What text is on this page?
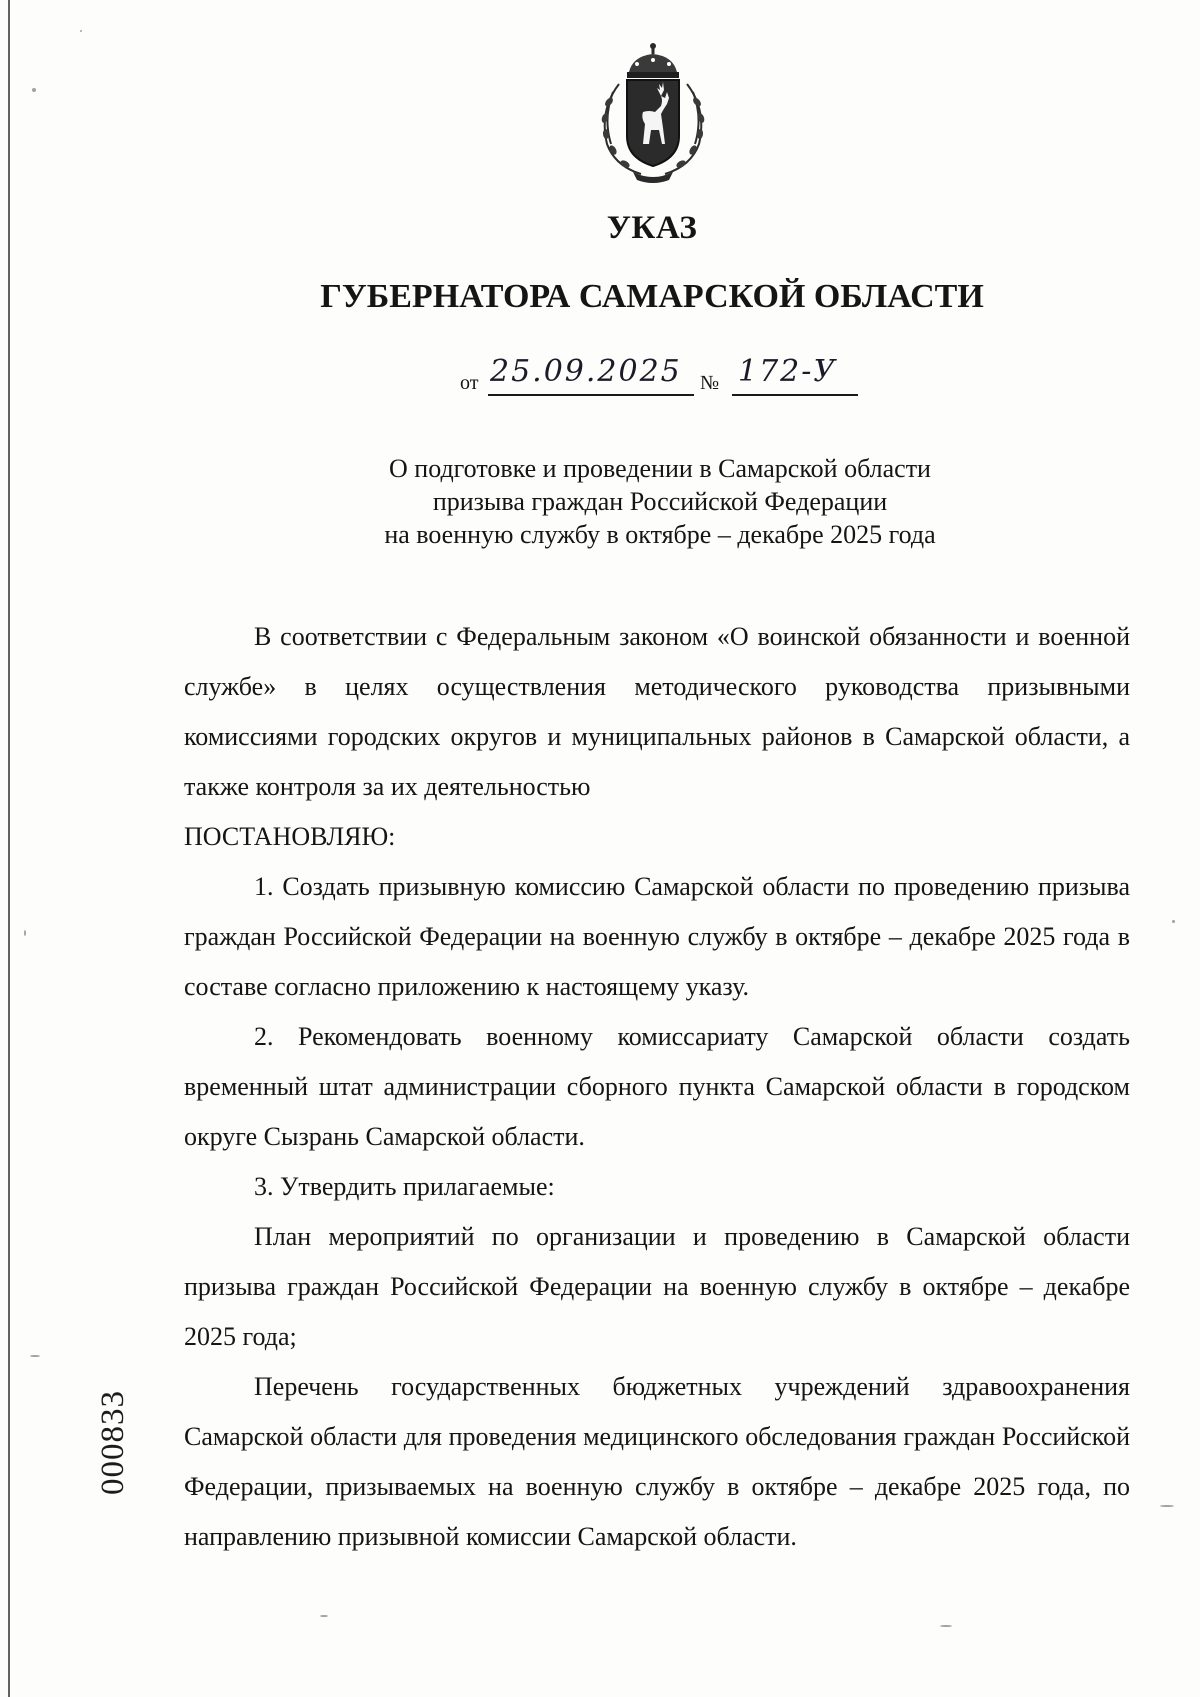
УКАЗ
ГУБЕРНАТОРА САМАРСКОЙ ОБЛАСТИ
от 25.09.2025 № 172-У
О подготовке и проведении в Самарской области
призыва граждан Российской Федерации
на военную службу в октябре – декабре 2025 года

В соответствии с Федеральным законом «О воинской обязанности и военной службе» в целях осуществления методического руководства призывными комиссиями городских округов и муниципальных районов в Самарской области, а также контроля за их деятельностью

ПОСТАНОВЛЯЮ:

1. Создать призывную комиссию Самарской области по проведению призыва граждан Российской Федерации на военную службу в октябре – декабре 2025 года в составе согласно приложению к настоящему указу.

2. Рекомендовать военному комиссариату Самарской области создать временный штат администрации сборного пункта Самарской области в городском округе Сызрань Самарской области.

3. Утвердить прилагаемые:

План мероприятий по организации и проведению в Самарской области призыва граждан Российской Федерации на военную службу в октябре – декабре 2025 года;

Перечень государственных бюджетных учреждений здравоохранения Самарской области для проведения медицинского обследования граждан Российской Федерации, призываемых на военную службу в октябре – декабре 2025 года, по направлению призывной комиссии Самарской области.

000833
